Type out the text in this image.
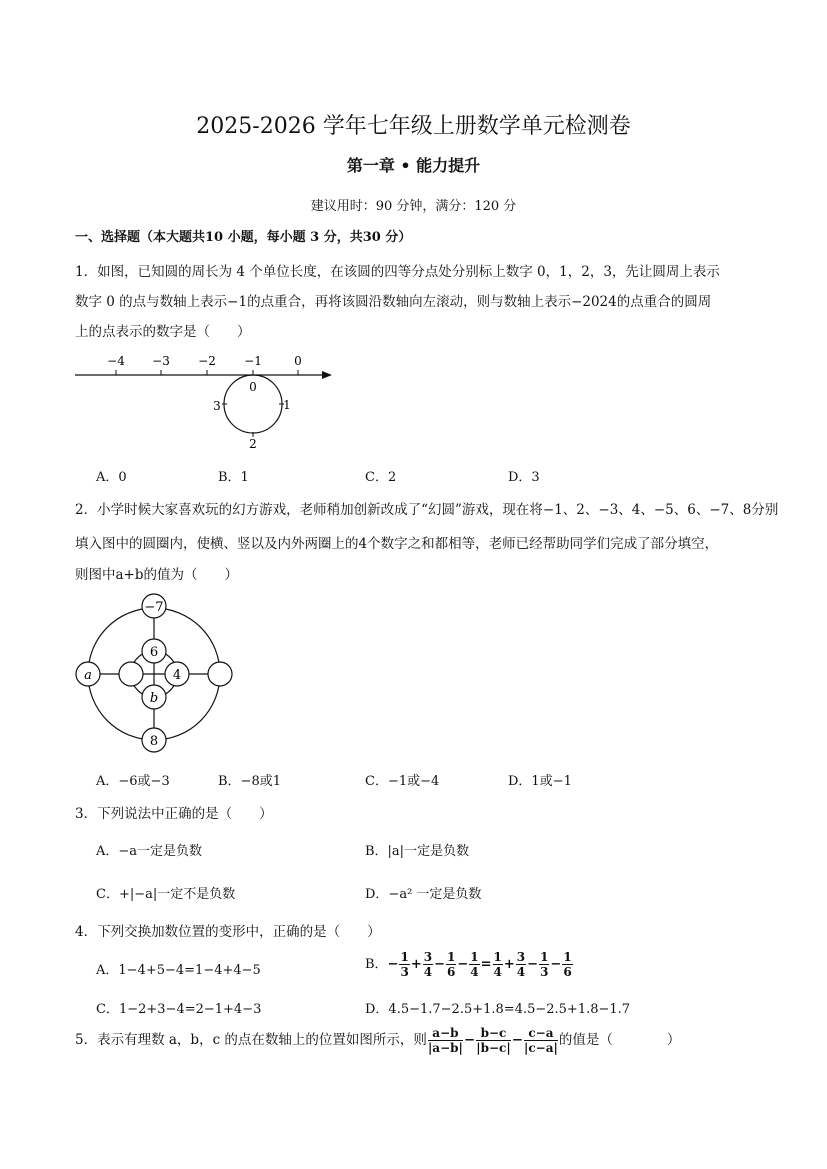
2025-2026 学年七年级上册数学单元检测卷
第一章 • 能力提升
建议用时：90 分钟，满分：120 分
一、选择题（本大题共10 小题，每小题 3 分，共30 分）
1．如图，已知圆的周长为 4 个单位长度，在该圆的四等分点处分别标上数字 0，1，2，3，先让圆周上表示
数字 0 的点与数轴上表示−1的点重合，再将该圆沿数轴向左滚动，则与数轴上表示−2024的点重合的圆周
上的点表示的数字是（　　）
−4 −3 −2 −1	0
0
1
2
3
A．0	B．1	C．2	D．3
2．小学时候大家喜欢玩的幻方游戏，老师稍加创新改成了“幻圆”游戏，现在将−1、2、−3、4、−5、6、−7、8分别
填入图中的圆圈内，使横、竖以及内外两圈上的4个数字之和都相等，老师已经帮助同学们完成了部分填空，
则图中a+b的值为（　　）
−7
6
4
b
8
a
A．−6或−3	B．−8或1	C．−1或−4	D．1或−1
3．下列说法中正确的是（　　）
A．−a一定是负数	B．|a|一定是负数
C．+|−a|一定不是负数	D．−a² 一定是负数
4．下列交换加数位置的变形中，正确的是（　　）
A．1−4+5−4=1−4+4−5	B．− $\frac{1}{3} + \frac{3}{4} - \frac{1}{6} - \frac{1}{4} = \frac{1}{4} + \frac{3}{4} - \frac{1}{3} - \frac{1}{6}$
C．1−2+3−4=2−1+4−3	D．4.5−1.7−2.5+1.8=4.5−2.5+1.8−1.7
5．表示有理数 a，b，c 的点在数轴上的位置如图所示，则 $\frac{a-b}{|a-b|} - \frac{b-c}{|b-c|} - \frac{c-a}{|c-a|}$ 的值是（　　　　）
